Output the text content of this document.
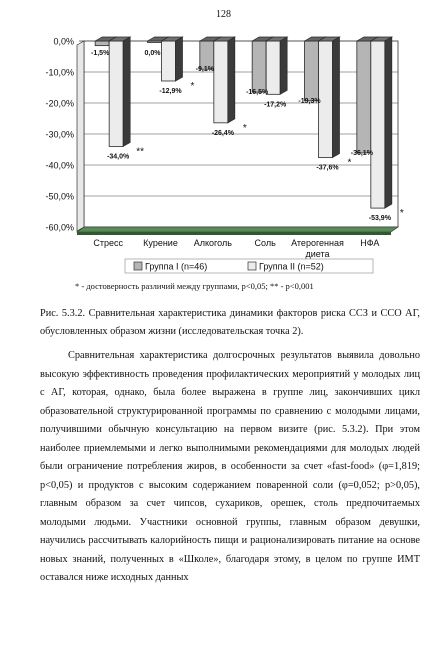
128
0,0%
-10,0%
-20,0%
-30,0%
-40,0%
-50,0%
-60,0%
-1,5%
-34,0% **
0,0%
-12,9% *
-9,1%
-26,4% *
-16,5%
-17,2% -19,3%
-37,6% *
-36,1%
-53,9% *
Стресс Курение Алкоголь	Соль Атерогенная
диета
НФА
Группа I (n=46)	Группа II (n=52)
* - достоверность различий между группами, p<0,05; ** - p<0,001
Рис. 5.3.2. Сравнительная характеристика динамики факторов риска ССЗ и ССО АГ, обусловленных образом жизни (исследовательская точка 2).

Сравнительная характеристика долгосрочных результатов выявила довольно высокую эффективность проведения профилактических мероприятий у молодых лиц с АГ, которая, однако, была более выражена в группе лиц, закончивших цикл образовательной структурированной программы по сравнению с молодыми лицами, получившими обычную консультацию на первом визите (рис. 5.3.2). При этом наиболее приемлемыми и легко выполнимыми рекомендациями для молодых людей были ограничение потребления жиров, в особенности за счет «fast-food» (φ=1,819; p<0,05) и продуктов с высоким содержанием поваренной соли (φ=0,052; p>0,05), главным образом за счет чипсов, сухариков, орешек, столь предпочитаемых молодыми людьми. Участники основной группы, главным образом девушки, научились рассчитывать калорийность пищи и рационализировать питание на основе новых знаний, полученных в «Школе», благодаря этому, в целом по группе ИМТ оставался ниже исходных данных
